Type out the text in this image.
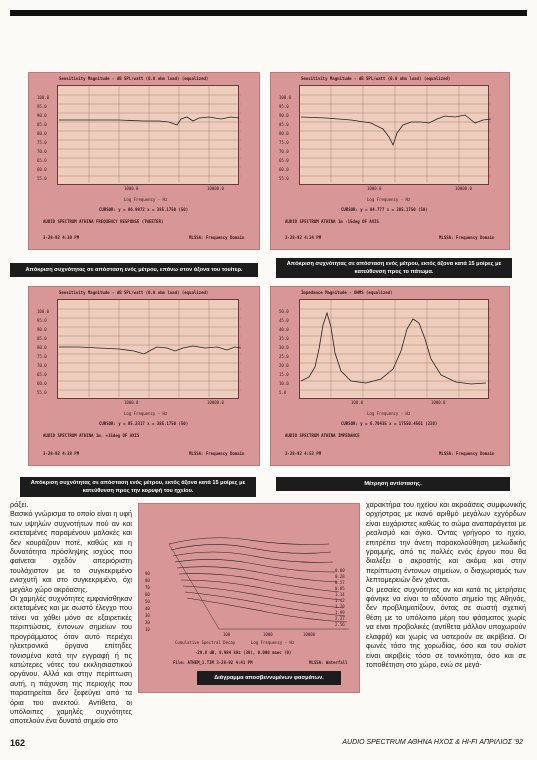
Sensitivity Magnitude - dB SPL/watt (0.0 ohm load) (equalized)
100.0
95.0
90.0
85.0
80.0
75.0
70.0
65.0
60.0
55.0
1000.0	10000.0
Log Frequency - Hz
CURSOR: y = 86.9972 x = 385.1750 (50)
AUDIO SPECTRUM ATHINA FREQUENCY RESPONSE (TWEETER)
3-28-92 4:30 PM	MLSSA: Frequency Domain
Απόκριση συχνότητας σε απόσταση ενός μέτρου, επάνω στον άξονα του τουίτερ.
Sensitivity Magnitude - dB SPL/watt (0.0 ohm load) (equalized)
100.0
95.0
90.0
85.0
80.0
75.0
70.0
65.0
60.0
55.0
1000.0	10000.0
Log Frequency - Hz
CURSOR: y = 84.777 x = 385.1750 (50)
AUDIO SPECTRUM ATHINA 1m -15deg OF AXIS
3-28-92 4:34 PM	MLSSA: Frequency Domain
Απόκριση συχνότητας σε απόσταση ενός μέτρου, εκτός άξονα κατά 15 μοίρες με κατεύθυνση προς το πάτωμα.
Sensitivity Magnitude - dB SPL/watt (0.0 ohm load) (equalized)
100.0
95.0
90.0
85.0
80.0
75.0
70.0
65.0
60.0
55.0
1000.0	10000.0
Log Frequency - Hz
CURSOR: y = 85.2317 x = 385.1750 (50)
AUDIO SPECTRUM ATHINA 1m. +15deg OF AXIS
3-28-92 4:38 PM	MLSSA: Frequency Domain
Απόκριση συχνότητας σε απόσταση ενός μέτρου, εκτός άξονα κατά 15 μοίρες με κατεύθυνση προς την κορυφή του ηχείου.
Impedance Magnitude - OHMS (equalized)
50.0
45.0
40.0
35.0
30.0
25.0
20.0
15.0
10.0
5.0
100.0	1000.0
Log Frequency - Hz
CURSOR: y = 6.70435 x = 17550.4561 (228)
AUDIO SPECTRUM ATHINA IMPEDANCE
3-28-92 4:53 PM	MLSSA: Frequency Domain
Μέτρηση αντίστασης.

ράξει.
Βασικό γνώρισμα το οποίο είναι η υφή των υψηλών συχνοτήτων πού αν και εκτεταμένες παραμένουν μαλακές και δεν κουράζουν ποτέ, καθώς και η δυνατότητα πρόσληψης ισχύος που φαίνεται σχεδόν απεριόριστη τουλάχιστον με το συγκεκριμένο ενισχυτή και στο συγκεκριμένο, όχι μεγάλο χώρο ακρόασης.
Οι χαμηλές συχνότητες εμφανίσθηκαν εκτεταμένες και με σωστό έλεγχο που τείνει να χάθει μόνο σε εξαιρετικές περιπτώσεις, έντονων σημείων του προγράμματος όταν αυτό περιέχει ηλεκτρονικά όργανα επίτηδες τονισμένα κατά την εγγραφή ή τις κατώτερες νότες του εκκλησιαστικού οργάνου. Αλλά και στην περίπτωση αυτή, η πάχυνση της περιοχής που παρατηρείται δεν ξεφεύγει από τα όρια του ανεκτού. Αντίθετα, οι υπόλοιπες χαμηλές συχνότητες αποτελούν ένα δυνατό σημείο στο

0.00
0.28
0.57
0.85
1.14
1.42
1.70
1.99
2.27
2.56
90
80
70
60
50
40
30
20
10
100	1000	10000
Cumulative Spectral Decay	Log Frequency - Hz
-29.8 dB, 8.984 kHz (39), 0.000 msec (0)
File: ATHEM_1.TIM 3-28-92 4:41 PM	MLSSA: Waterfall
Διάγραμμα αποσβεννυμένων φασμάτων.

χαρακτήρα του ηχείου και ακροάσεις συμφωνικής ορχήστρας με ικανό αριθμό μεγάλων εχγόρδων είναι ευχάριστες καθώς το σώμα αναπαράγεται με ρεαλισμό και όγκο. Όντας γρήγορο το ηχείο, επιτρέπει την άνετη παρακολούθηση μελωδικής γραμμής, από τις πολλές ενός έργου που θα διαλέξει ο ακροατής και ακόμα και στην περίπτωση έντονων σημείων, ο διαχωρισμός των λεπτομερειών δεν χάνεται.
Οι μεσαίες συχνότητες αν και κατά τις μετρήσεις φάνηκε να είναι το αδύνατο σημείο της Αθηνάς, δεν προβληματίζουν, όντας σε σωστή σχετική θέση με το υπόλοιπο μέρη του φάσματος χωρίς να είναι προβολικές (αντίθετα μάλλον υποχωρούν ελαφρά) και χωρίς να υστερούν σε ακρίβεια. Οι φωνές τόσο της χορωδίας, όσο και του σολίστ είναι ακριβείς τόσο σε τονικότητα, όσο και σε τοποθέτηση στο χώρο, ενώ σε μεγά-

162	AUDIO SPECTRUM ΑΘΗΝΑ ΗΧΟΣ & HI-FI ΑΠΡΙΛΙΟΣ '92
